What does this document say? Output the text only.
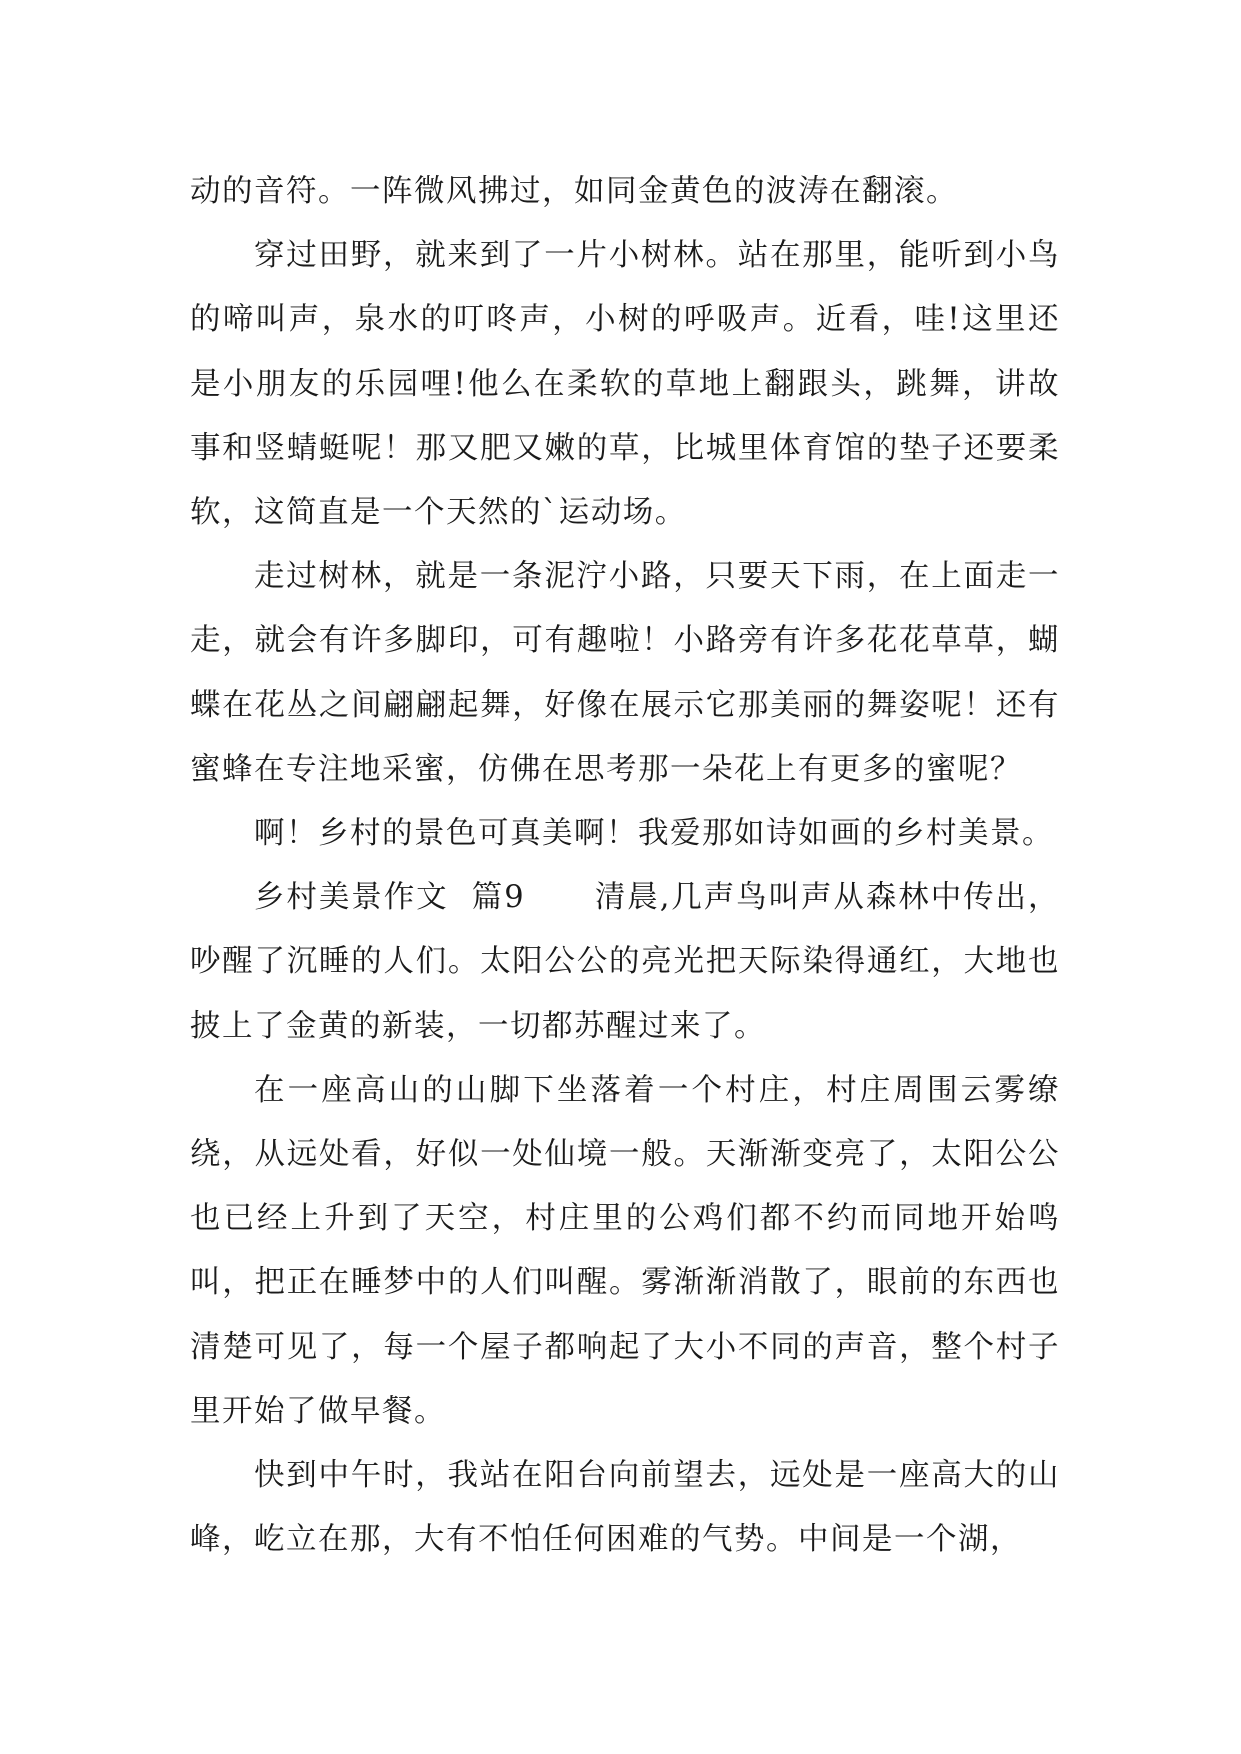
动的音符。一阵微风拂过，如同金黄色的波涛在翻滚。

穿过田野，就来到了一片小树林。站在那里，能听到小鸟的啼叫声，泉水的叮咚声，小树的呼吸声。近看，哇!这里还是小朋友的乐园哩!他么在柔软的草地上翻跟头，跳舞，讲故事和竖蜻蜓呢！那又肥又嫩的草，比城里体育馆的垫子还要柔软，这简直是一个天然的`运动场。

走过树林，就是一条泥泞小路，只要天下雨，在上面走一走，就会有许多脚印，可有趣啦！小路旁有许多花花草草，蝴蝶在花丛之间翩翩起舞，好像在展示它那美丽的舞姿呢！还有蜜蜂在专注地采蜜，仿佛在思考那一朵花上有更多的蜜呢？

啊！乡村的景色可真美啊！我爱那如诗如画的乡村美景。

乡村美景作文  篇9      清晨,几声鸟叫声从森林中传出，吵醒了沉睡的人们。太阳公公的亮光把天际染得通红，大地也披上了金黄的新装，一切都苏醒过来了。

在一座高山的山脚下坐落着一个村庄，村庄周围云雾缭绕，从远处看，好似一处仙境一般。天渐渐变亮了，太阳公公也已经上升到了天空，村庄里的公鸡们都不约而同地开始鸣叫，把正在睡梦中的人们叫醒。雾渐渐消散了，眼前的东西也清楚可见了，每一个屋子都响起了大小不同的声音，整个村子里开始了做早餐。

快到中午时，我站在阳台向前望去，远处是一座高大的山峰，屹立在那，大有不怕任何困难的气势。中间是一个湖，
